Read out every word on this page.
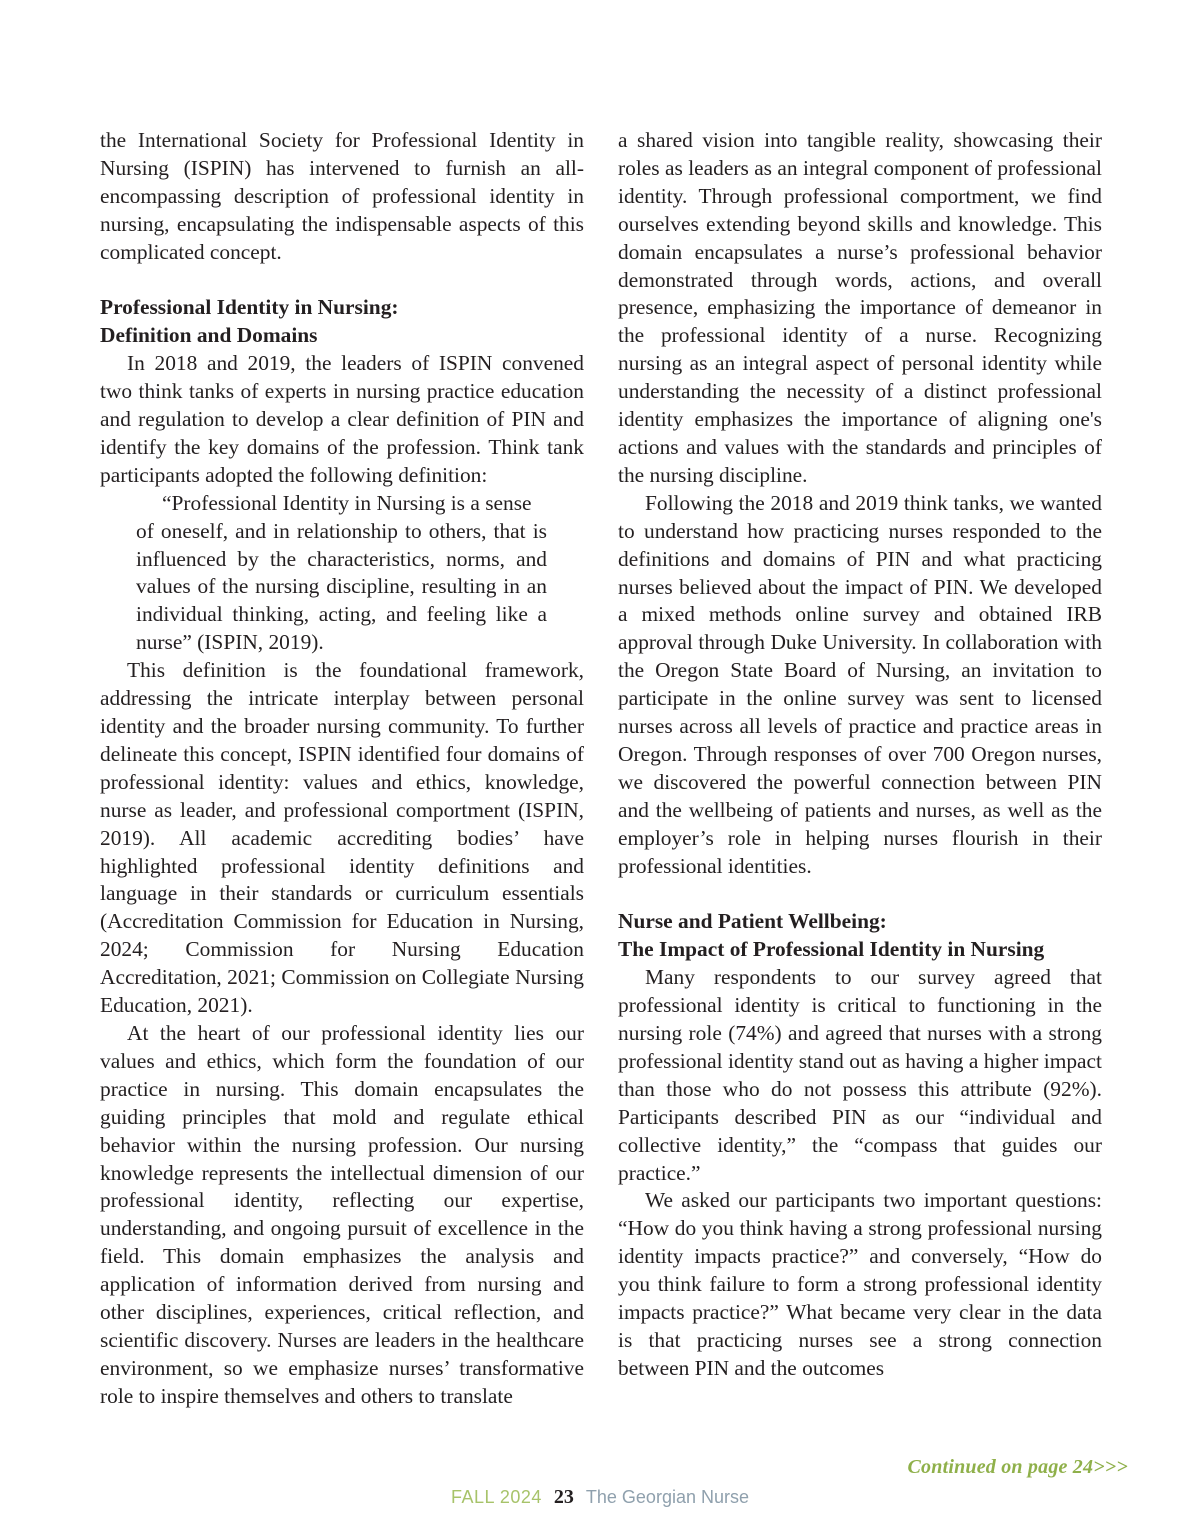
the International Society for Professional Identity in Nursing (ISPIN) has intervened to furnish an allencompassing description of professional identity in nursing, encapsulating the indispensable aspects of this complicated concept.

Professional Identity in Nursing:
Definition and Domains

In 2018 and 2019, the leaders of ISPIN convened two think tanks of experts in nursing practice education and regulation to develop a clear definition of PIN and identify the key domains of the profession. Think tank participants adopted the following definition:

“Professional Identity in Nursing is a sense
of oneself, and in relationship to others, that is influenced by the characteristics, norms, and values of the nursing discipline, resulting in an individual thinking, acting, and feeling like a nurse” (ISPIN, 2019).

This definition is the foundational framework, addressing the intricate interplay between personal identity and the broader nursing community. To further delineate this concept, ISPIN identified four domains of professional identity: values and ethics, knowledge, nurse as leader, and professional comportment (ISPIN, 2019). All academic accrediting bodies’ have highlighted professional identity definitions and language in their standards or curriculum essentials (Accreditation Commission for Education in Nursing, 2024; Commission for Nursing Education Accreditation, 2021; Commission on Collegiate Nursing Education, 2021).

At the heart of our professional identity lies our values and ethics, which form the foundation of our practice in nursing. This domain encapsulates the guiding principles that mold and regulate ethical behavior within the nursing profession. Our nursing knowledge represents the intellectual dimension of our professional identity, reflecting our expertise, understanding, and ongoing pursuit of excellence in the field. This domain emphasizes the analysis and application of information derived from nursing and other disciplines, experiences, critical reflection, and scientific discovery. Nurses are leaders in the healthcare environment, so we emphasize nurses’ transformative role to inspire themselves and others to translate

a shared vision into tangible reality, showcasing their roles as leaders as an integral component of professional identity. Through professional comportment, we find ourselves extending beyond skills and knowledge. This domain encapsulates a nurse’s professional behavior demonstrated through words, actions, and overall presence, emphasizing the importance of demeanor in the professional identity of a nurse. Recognizing nursing as an integral aspect of personal identity while understanding the necessity of a distinct professional identity emphasizes the importance of aligning one's actions and values with the standards and principles of the nursing discipline.

Following the 2018 and 2019 think tanks, we wanted to understand how practicing nurses responded to the definitions and domains of PIN and what practicing nurses believed about the impact of PIN. We developed a mixed methods online survey and obtained IRB approval through Duke University. In collaboration with the Oregon State Board of Nursing, an invitation to participate in the online survey was sent to licensed nurses across all levels of practice and practice areas in Oregon. Through responses of over 700 Oregon nurses, we discovered the powerful connection between PIN and the wellbeing of patients and nurses, as well as the employer’s role in helping nurses flourish in their professional identities.

Nurse and Patient Wellbeing:
The Impact of Professional Identity in Nursing

Many respondents to our survey agreed that professional identity is critical to functioning in the nursing role (74%) and agreed that nurses with a strong professional identity stand out as having a higher impact than those who do not possess this attribute (92%). Participants described PIN as our “individual and collective identity,” the “compass that guides our practice.”

We asked our participants two important questions: “How do you think having a strong professional nursing identity impacts practice?” and conversely, “How do you think failure to form a strong professional identity impacts practice?” What became very clear in the data is that practicing nurses see a strong connection between PIN and the outcomes

Continued on page 24>>>
FALL 2024 23 The Georgian Nurse
